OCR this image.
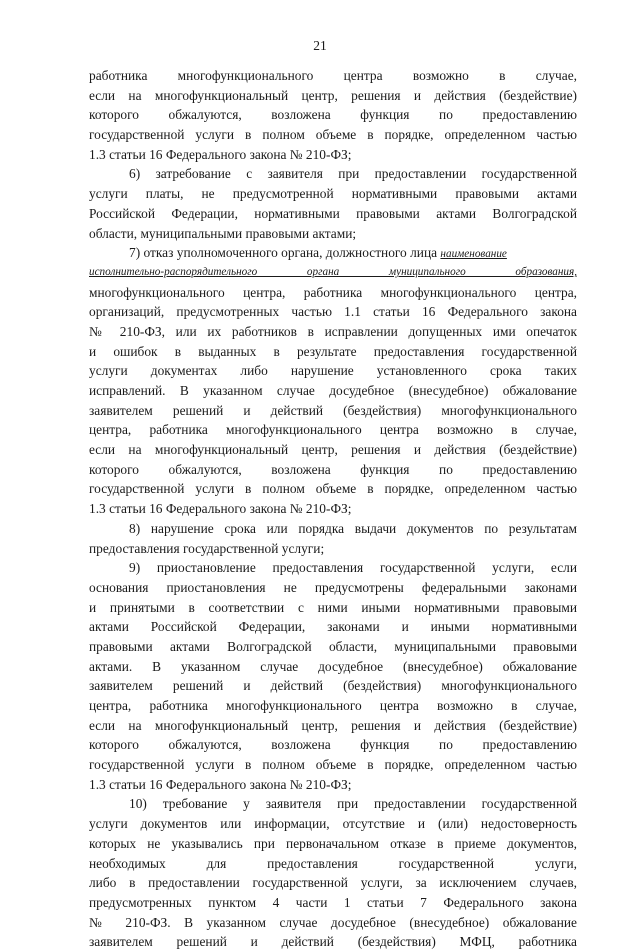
21
работника многофункционального центра возможно в случае,
если на многофункциональный центр, решения и действия (бездействие)
которого обжалуются, возложена функция по предоставлению
государственной услуги в полном объеме в порядке, определенном частью
1.3 статьи 16 Федерального закона № 210-ФЗ;
6) затребование с заявителя при предоставлении государственной
услуги платы, не предусмотренной нормативными правовыми актами
Российской Федерации, нормативными правовыми актами Волгоградской
области, муниципальными правовыми актами;
7) отказ уполномоченного органа, должностного лица наименование
исполнительно-распорядительного органа муниципального образования,
многофункционального центра, работника многофункционального центра,
организаций, предусмотренных частью 1.1 статьи 16 Федерального закона
№ 210-ФЗ, или их работников в исправлении допущенных ими опечаток
и ошибок в выданных в результате предоставления государственной
услуги документах либо нарушение установленного срока таких
исправлений. В указанном случае досудебное (внесудебное) обжалование
заявителем решений и действий (бездействия) многофункционального
центра, работника многофункционального центра возможно в случае,
если на многофункциональный центр, решения и действия (бездействие)
которого обжалуются, возложена функция по предоставлению
государственной услуги в полном объеме в порядке, определенном частью
1.3 статьи 16 Федерального закона № 210-ФЗ;
8) нарушение срока или порядка выдачи документов по результатам
предоставления государственной услуги;
9) приостановление предоставления государственной услуги, если
основания приостановления не предусмотрены федеральными законами
и принятыми в соответствии с ними иными нормативными правовыми
актами Российской Федерации, законами и иными нормативными
правовыми актами Волгоградской области, муниципальными правовыми
актами. В указанном случае досудебное (внесудебное) обжалование
заявителем решений и действий (бездействия) многофункционального
центра, работника многофункционального центра возможно в случае,
если на многофункциональный центр, решения и действия (бездействие)
которого обжалуются, возложена функция по предоставлению
государственной услуги в полном объеме в порядке, определенном частью
1.3 статьи 16 Федерального закона № 210-ФЗ;
10) требование у заявителя при предоставлении государственной
услуги документов или информации, отсутствие и (или) недостоверность
которых не указывались при первоначальном отказе в приеме документов,
необходимых для предоставления государственной услуги,
либо в предоставлении государственной услуги, за исключением случаев,
предусмотренных пунктом 4 части 1 статьи 7 Федерального закона
№ 210-ФЗ. В указанном случае досудебное (внесудебное) обжалование
заявителем решений и действий (бездействия) МФЦ, работника
